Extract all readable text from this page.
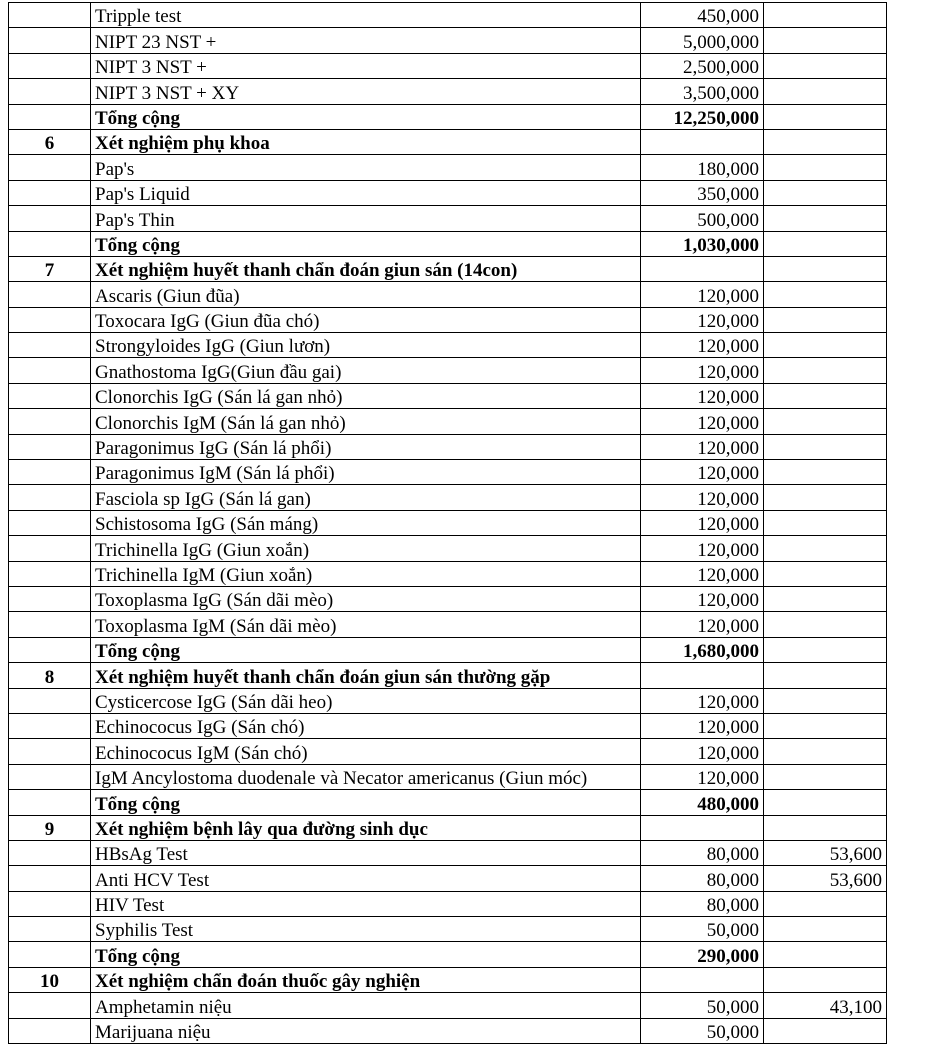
	Tripple test	450,000	
	NIPT 23 NST +	5,000,000	
	NIPT 3 NST +	2,500,000	
	NIPT 3 NST + XY	3,500,000	
	Tổng cộng	12,250,000	
6	Xét nghiệm phụ khoa		
	Pap's	180,000	
	Pap's Liquid	350,000	
	Pap's Thin	500,000	
	Tổng cộng	1,030,000	
7	Xét nghiệm huyết thanh chẩn đoán giun sán (14con)		
	Ascaris (Giun đũa)	120,000	
	Toxocara IgG (Giun đũa chó)	120,000	
	Strongyloides IgG (Giun lươn)	120,000	
	Gnathostoma IgG(Giun đầu gai)	120,000	
	Clonorchis IgG (Sán lá gan nhỏ)	120,000	
	Clonorchis IgM (Sán lá gan nhỏ)	120,000	
	Paragonimus IgG (Sán lá phổi)	120,000	
	Paragonimus IgM (Sán lá phổi)	120,000	
	Fasciola sp IgG (Sán lá gan)	120,000	
	Schistosoma IgG (Sán máng)	120,000	
	Trichinella IgG (Giun xoắn)	120,000	
	Trichinella IgM (Giun xoắn)	120,000	
	Toxoplasma IgG (Sán dãi mèo)	120,000	
	Toxoplasma IgM (Sán dãi mèo)	120,000	
	Tổng cộng	1,680,000	
8	Xét nghiệm huyết thanh chẩn đoán giun sán thường gặp		
	Cysticercose IgG (Sán dãi heo)	120,000	
	Echinococus IgG (Sán chó)	120,000	
	Echinococus IgM (Sán chó)	120,000	
	IgM Ancylostoma duodenale và Necator americanus (Giun móc)	120,000	
	Tổng cộng	480,000	
9	Xét nghiệm bệnh lây qua đường sinh dục		
	HBsAg Test	80,000	53,600
	Anti HCV Test	80,000	53,600
	HIV Test	80,000	
	Syphilis Test	50,000	
	Tổng cộng	290,000	
10	Xét nghiệm chẩn đoán thuốc gây nghiện		
	Amphetamin niệu	50,000	43,100
	Marijuana niệu	50,000	
